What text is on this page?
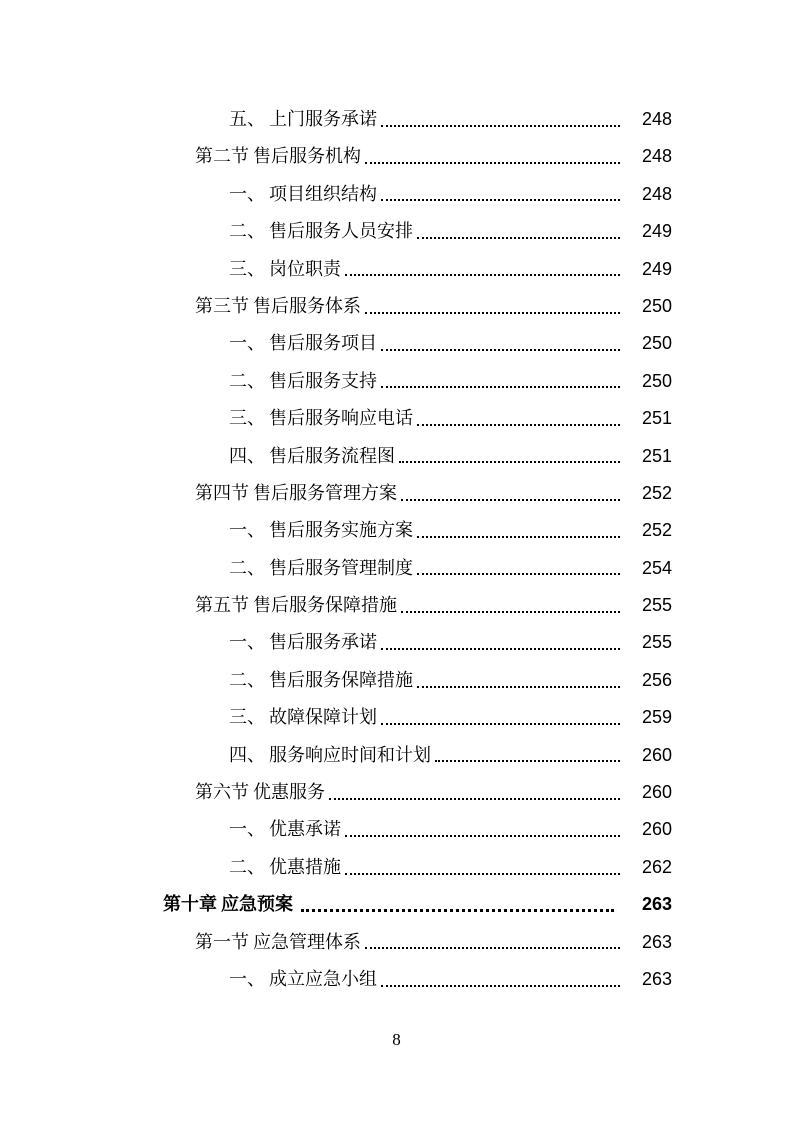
五、 上门服务承诺	248
第二节 售后服务机构	248
一、 项目组织结构	248
二、 售后服务人员安排	249
三、 岗位职责	249
第三节 售后服务体系	250
一、 售后服务项目	250
二、 售后服务支持	250
三、 售后服务响应电话	251
四、 售后服务流程图	251
第四节 售后服务管理方案	252
一、 售后服务实施方案	252
二、 售后服务管理制度	254
第五节 售后服务保障措施	255
一、 售后服务承诺	255
二、 售后服务保障措施	256
三、 故障保障计划	259
四、 服务响应时间和计划	260
第六节 优惠服务	260
一、 优惠承诺	260
二、 优惠措施	262
第十章 应急预案	263
第一节 应急管理体系	263
一、 成立应急小组	263
8
